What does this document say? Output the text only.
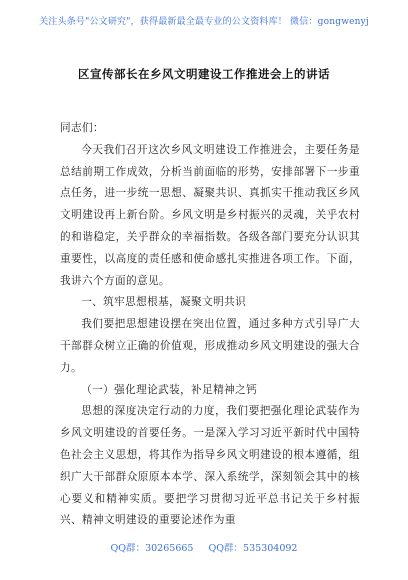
关注头条号"公文研究"，获得最新最全最专业的公文资料库！ 微信：gongwenyj
区宣传部长在乡风文明建设工作推进会上的讲话

同志们：

今天我们召开这次乡风文明建设工作推进会，主要任务是总结前期工作成效，分析当前面临的形势，安排部署下一步重点任务，进一步统一思想、凝聚共识、真抓实干推动我区乡风文明建设再上新台阶。乡风文明是乡村振兴的灵魂，关乎农村的和谐稳定，关乎群众的幸福指数。各级各部门要充分认识其重要性，以高度的责任感和使命感扎实推进各项工作。下面，我讲六个方面的意见。

一、筑牢思想根基，凝聚文明共识

我们要把思想建设摆在突出位置，通过多种方式引导广大干部群众树立正确的价值观，形成推动乡风文明建设的强大合力。

（一）强化理论武装，补足精神之钙

思想的深度决定行动的力度，我们要把强化理论武装作为乡风文明建设的首要任务。一是深入学习习近平新时代中国特色社会主义思想，将其作为指导乡风文明建设的根本遵循，组织广大干部群众原原本本学、深入系统学，深刻领会其中的核心要义和精神实质。要把学习贯彻习近平总书记关于乡村振兴、精神文明建设的重要论述作为重

QQ群：30265665 QQ群：535304092
